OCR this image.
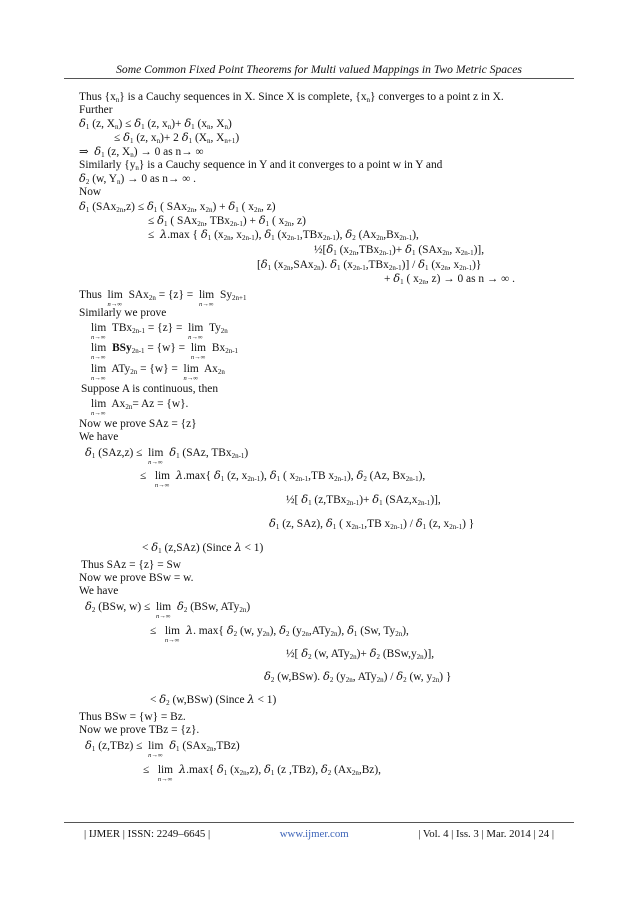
Some Common Fixed Point Theorems for Multi valued Mappings in Two Metric Spaces
Thus $\{x_n\}$ is a Cauchy sequences in X. Since X is complete, $\{x_n\}$ converges to a point z in X.
Further
$\delta_1$ (z, $X_n) \le \delta_1$ (z, $x_n)+ \delta_1$ ($x_n$, $X_n$)
≤ $\delta_1$ (z, $x_n)+ 2$ $\delta_1$ ($X_n$, $X_{n+1}$)
⇒ $\delta_1$ (z, $X_n) \to 0$ as n→ ∞
Similarly $\{y_n\}$ is a Cauchy sequence in Y and it converges to a point w in Y and
$\delta_2$ (w, $Y_n) \to 0$ as n→ ∞ .
Now
$\delta_1$ $(SAx_{2n},z) \le \delta_1$ ( SAx$_{2n}$, $x_{2n}) + \delta_1$ ( $x_{2n}$, z)
≤ $\delta_1$ ( SAx$_{2n}$, $TBx_{2n-1}) + \delta_1$ ( $x_{2n}$, z)
≤ λ.max { $\delta_1$ ($x_{2n}$, $x_{2n-1}$), $\delta_1$ $(x_{2n-1},TBx_{2n-1})$, $\delta_2$ $(Ax_{2n},Bx_{2n-1})$,
$\frac{1}{2}[\delta_1$ $(x_{2n},TBx_{2n-1})+ \delta_1$ (SAx$_{2n}$, $x_{2n-1}$)],
[$\delta_1$ $(x_{2n},SAx_{2n})$. $\delta_1$ $(x_{2n-1},TBx_{2n-1})] / \delta_1$ ($x_{2n}$, $x_{2n-1}$)}
+ $\delta_1$ ( $x_{2n}$, z) → 0 as n → ∞ .
Thus lim
n→∞
SAx$_{2n}$ = {z} = lim
n→∞
$Sy_{2n+1}$
Similarly we prove
lim
n→∞
TBx$_{2n-1}$ = {z} = lim
n→∞
$Ty_{2n}$
lim
n→∞
BSy$_{2n-1}$ = {w} = lim
n→∞
$Bx_{2n-1}$
lim
n→∞
ATy$_{2n}$ = {w} = lim
n→∞
$Ax_{2n}$
Suppose A is continuous, then
lim
n→∞
$Ax_{2n}= Az = \{w\}$.
Now we prove SAz = {z}
We have
$\delta_1$ (SAz,z) ≤ lim
n→∞
$\delta_1$ (SAz, TBx$_{2n-1}$)
≤ lim
n→∞
λ.max{ $\delta_1$ (z, $x_{2n-1}$), $\delta_1$ ( $x_{2n-1},TB$ $x_{2n-1}$), $\delta_2$ (Az, $Bx_{2n-1}$),
½[ $\delta_1$ $(z,TBx_{2n-1})+ \delta_1$ $(SAz,x_{2n-1})$],
$\delta_1$ (z, SAz), $\delta_1$ ( $x_{2n-1},TB$ $x_{2n-1}) / \delta_1$ (z, $x_{2n-1}$) }
< $\delta_1$ (z,SAz) (Since λ < 1)
Thus SAz = {z} = Sw
Now we prove BSw = w.
We have
$\delta_2$ (BSw, w) ≤ lim
n→∞
$\delta_2$ (BSw, ATy$_{2n}$)
≤ lim
n→∞
λ. max{ $\delta_2$ (w, $y_{2n}$), $\delta_2$ $(y_{2n},ATy_{2n})$, $\delta_1$ (Sw, $Ty_{2n}$),
½[ $\delta_2$ (w, $ATy_{2n})+ \delta_2$ $(BSw,y_{2n})$],
$\delta_2$ (w,BSw). $\delta_2$ ($y_{2n}$, $ATy_{2n}) / \delta_2$ (w, $y_{2n}$) }
< $\delta_2$ (w,BSw) (Since λ < 1)
Thus BSw = {w} = Bz.
Now we prove TBz = {z}.
$\delta_1$ (z,TBz) ≤ lim
n→∞
$\delta_1$ (SAx$_{2n}$,TBz)
≤ lim
n→∞
λ.max{ $\delta_1$ $(x_{2n},z)$, $\delta_1$ (z ,TBz), $\delta_2$ $(Ax_{2n},Bz)$,
| IJMER | ISSN: 2249–6645 |	www.ijmer.com	| Vol. 4 | Iss. 3 | Mar. 2014 | 24 |
